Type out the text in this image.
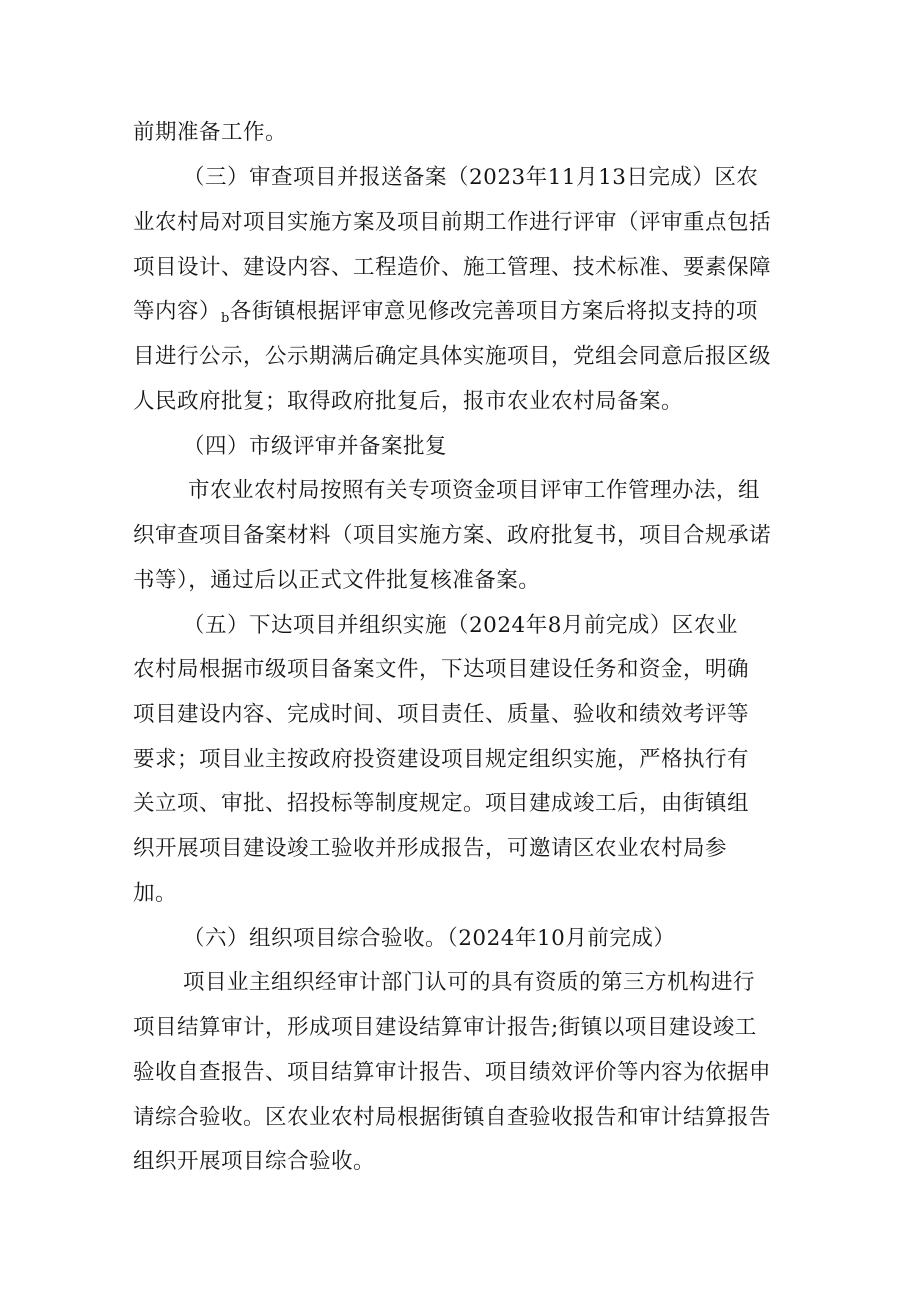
前期准备工作。
（三）审查项目并报送备案（2023年11月13日完成）区农
业农村局对项目实施方案及项目前期工作进行评审（评审重点包括
项目设计、建设内容、工程造价、施工管理、技术标准、要素保障
等内容）$_b$各街镇根据评审意见修改完善项目方案后将拟支持的项
目进行公示，公示期满后确定具体实施项目，党组会同意后报区级
人民政府批复；取得政府批复后，报市农业农村局备案。
（四）市级评审并备案批复
市农业农村局按照有关专项资金项目评审工作管理办法，组
织审查项目备案材料（项目实施方案、政府批复书，项目合规承诺
书等），通过后以正式文件批复核准备案。
（五）下达项目并组织实施（2024年8月前完成）区农业
农村局根据市级项目备案文件，下达项目建设任务和资金，明确
项目建设内容、完成时间、项目责任、质量、验收和绩效考评等
要求；项目业主按政府投资建设项目规定组织实施，严格执行有
关立项、审批、招投标等制度规定。项目建成竣工后，由街镇组
织开展项目建设竣工验收并形成报告，可邀请区农业农村局参
加。
（六）组织项目综合验收。（2024年10月前完成）
项目业主组织经审计部门认可的具有资质的第三方机构进行
项目结算审计，形成项目建设结算审计报告;街镇以项目建设竣工
验收自查报告、项目结算审计报告、项目绩效评价等内容为依据申
请综合验收。区农业农村局根据街镇自查验收报告和审计结算报告
组织开展项目综合验收。
